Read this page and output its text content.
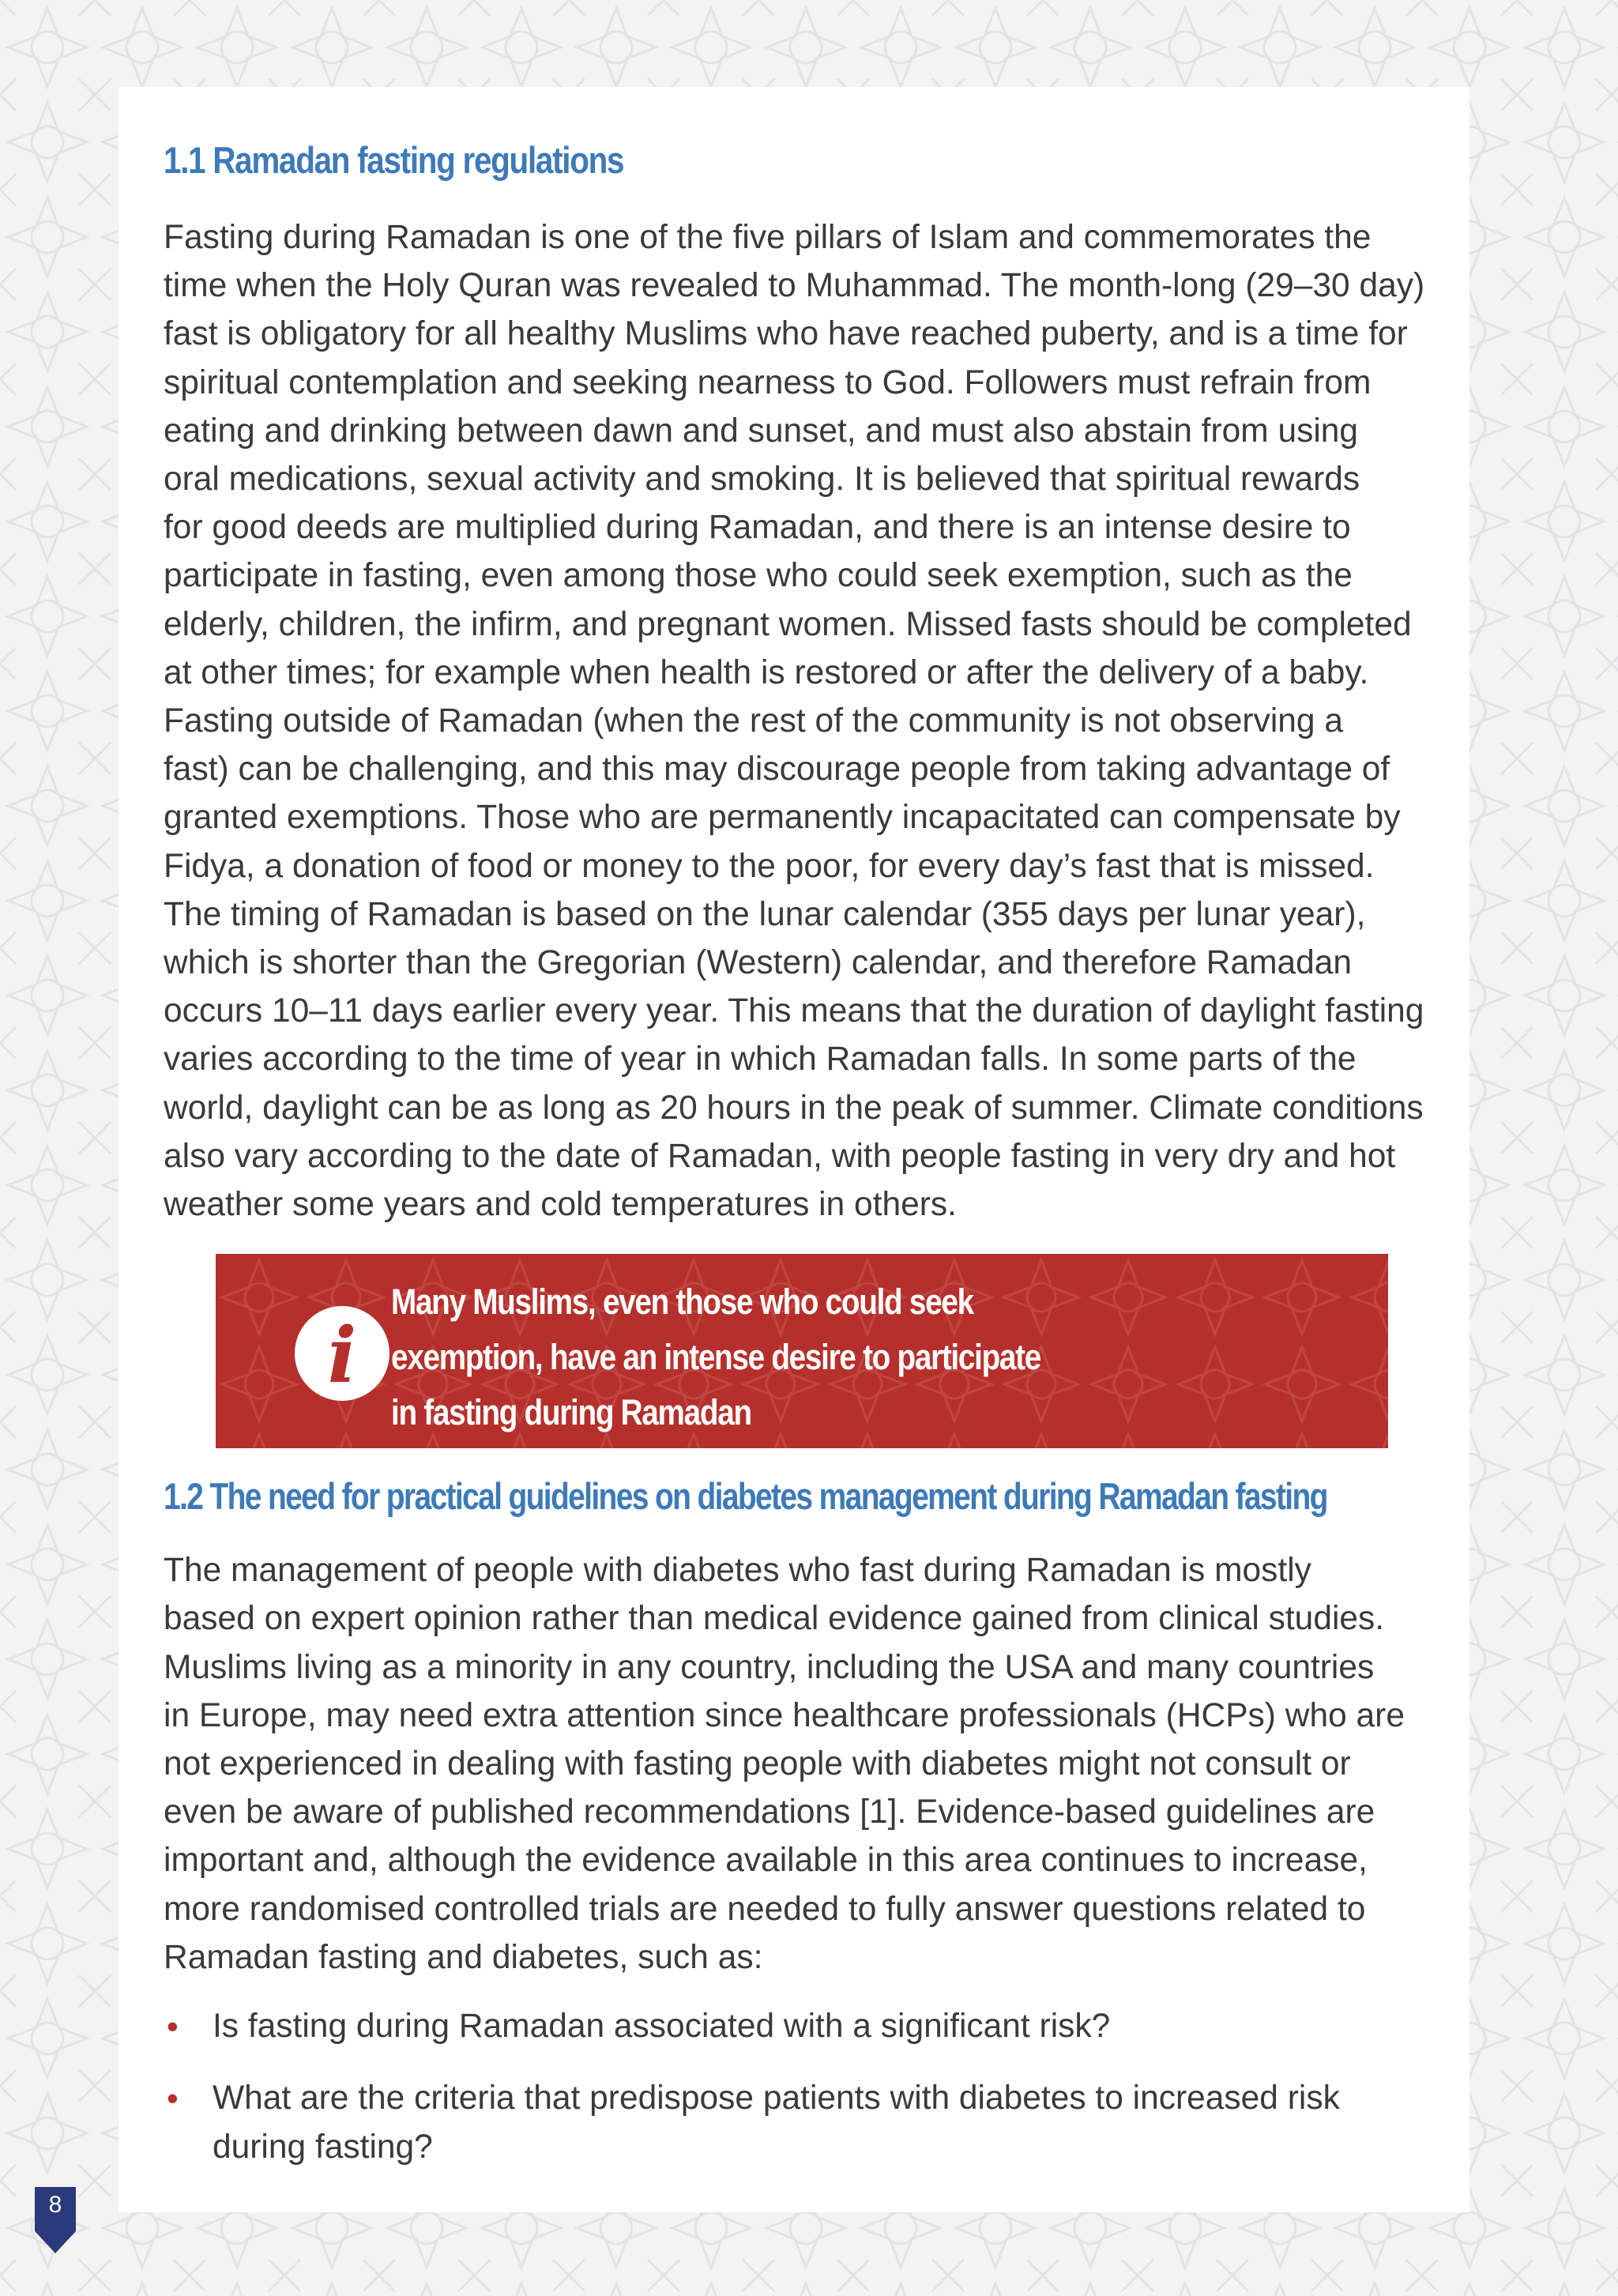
1.1 Ramadan fasting regulations

Fasting during Ramadan is one of the five pillars of Islam and commemorates the
time when the Holy Quran was revealed to Muhammad. The month-long (29–30 day)
fast is obligatory for all healthy Muslims who have reached puberty, and is a time for
spiritual contemplation and seeking nearness to God. Followers must refrain from
eating and drinking between dawn and sunset, and must also abstain from using
oral medications, sexual activity and smoking. It is believed that spiritual rewards
for good deeds are multiplied during Ramadan, and there is an intense desire to
participate in fasting, even among those who could seek exemption, such as the
elderly, children, the infirm, and pregnant women. Missed fasts should be completed
at other times; for example when health is restored or after the delivery of a baby.
Fasting outside of Ramadan (when the rest of the community is not observing a
fast) can be challenging, and this may discourage people from taking advantage of
granted exemptions. Those who are permanently incapacitated can compensate by
Fidya, a donation of food or money to the poor, for every day’s fast that is missed.
The timing of Ramadan is based on the lunar calendar (355 days per lunar year),
which is shorter than the Gregorian (Western) calendar, and therefore Ramadan
occurs 10–11 days earlier every year. This means that the duration of daylight fasting
varies according to the time of year in which Ramadan falls. In some parts of the
world, daylight can be as long as 20 hours in the peak of summer. Climate conditions
also vary according to the date of Ramadan, with people fasting in very dry and hot
weather some years and cold temperatures in others.

i
Many Muslims, even those who could seek
exemption, have an intense desire to participate
in fasting during Ramadan
1.2 The need for practical guidelines on diabetes management during Ramadan fasting

The management of people with diabetes who fast during Ramadan is mostly
based on expert opinion rather than medical evidence gained from clinical studies.
Muslims living as a minority in any country, including the USA and many countries
in Europe, may need extra attention since healthcare professionals (HCPs) who are
not experienced in dealing with fasting people with diabetes might not consult or
even be aware of published recommendations [1]. Evidence-based guidelines are
important and, although the evidence available in this area continues to increase,
more randomised controlled trials are needed to fully answer questions related to
Ramadan fasting and diabetes, such as:

• Is fasting during Ramadan associated with a significant risk?
• What are the criteria that predispose patients with diabetes to increased risk
during fasting?
8
